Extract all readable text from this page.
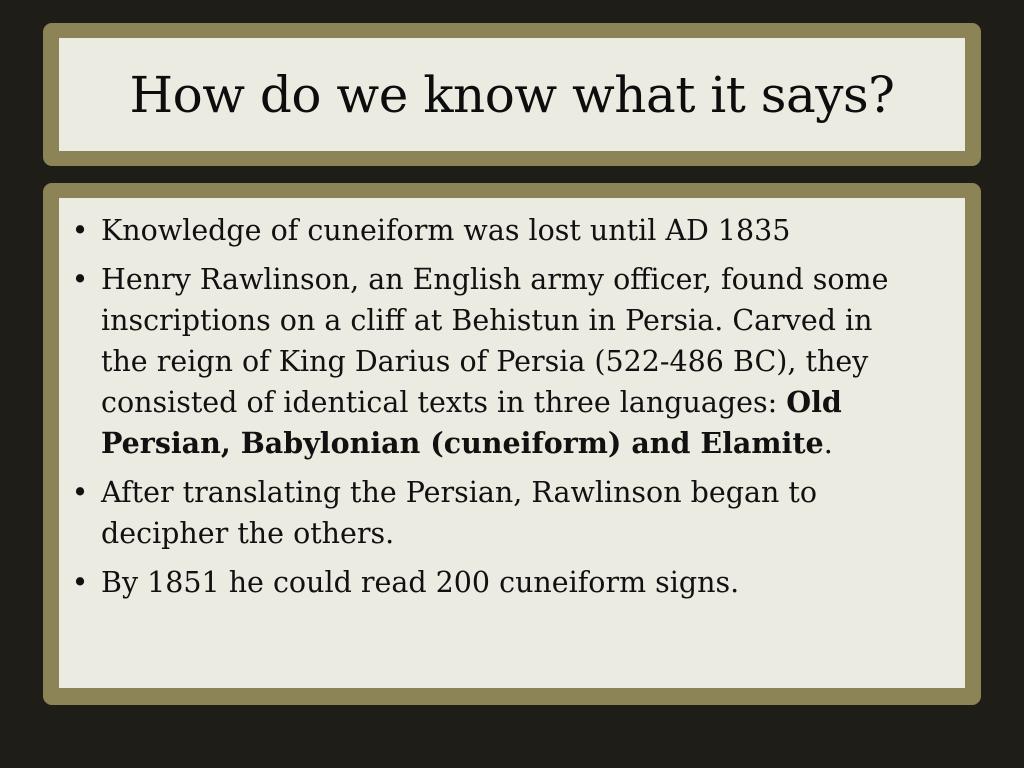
How do we know what it says?
• Knowledge of cuneiform was lost until AD 1835
• Henry Rawlinson, an English army officer, found some inscriptions on a cliff at Behistun in Persia. Carved in the reign of King Darius of Persia (522-486 BC), they consisted of identical texts in three languages: Old Persian, Babylonian (cuneiform) and Elamite.
• After translating the Persian, Rawlinson began to decipher the others.
• By 1851 he could read 200 cuneiform signs.
